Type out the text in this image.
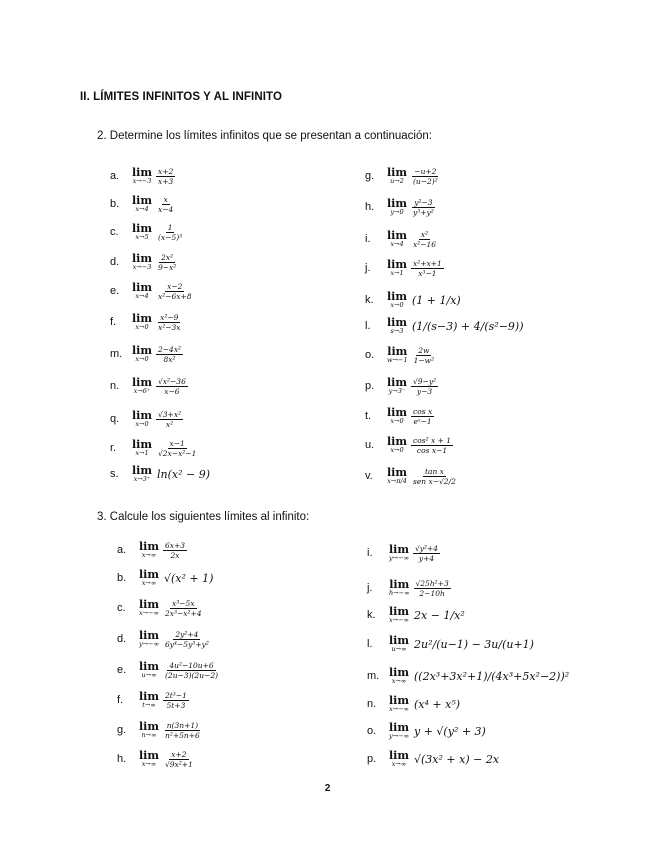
II. LÍMITES INFINITOS Y AL INFINITO
2. Determine los límites infinitos que se presentan a continuación:
a.	lim
$x\to-3 \frac{x+2}{x+3}$
b.	lim
$x\to 4 \frac{x}{x-4}$
c.	lim
$x\to 5 \frac{1}{\text{(x−5)³}}$
d.	lim
$x\to-3 \frac{\text{2x²}}{\text{9−x²}}$
e.	lim
$x\to 4 \frac{x-2}{\text{x²−6x+8}}$
f.	lim
$x\to 0 \frac{\text{x²−9}}{\text{x²−3x}}$
m. lim
$x\to 0 \frac{\text{2−4x²}}{\text{8x²}}$
n.	lim
$x\to 6^+ \frac{\text{√x²−36}}{x-6}$
q.	lim
$x\to 0 \frac{\text{√3+x²}}{\text{x²}}$
r.	lim
$x\to 1 \frac{x-1}{\text{√2x−x²−1}}$
s.	lim
x→3⁺ ln(x² − 9)
g.	lim
$u\to 2 \frac{-u+2}{\text{(u−2)²}}$
h.	lim
$y\to 0 \frac{\text{y²−3}}{\text{y³+y²}}$
i.	lim
$x\to 4 \frac{\text{x²}}{\text{x²−16}}$
j.	lim
$x\to 1 \frac{\text{x²+x+1}}{\text{x³−1}}$
k.	lim
x→0 (1 + 1/x)
l.	lim
s→3 (1/(s−3) + 4/(s²−9))
o.	lim
$w\to-1 \frac{2w}{\text{1−w²}}$
p.	lim
$y\to 3^- \frac{\text{√9−y²}}{y-3}$
t.	lim
$x\to 0 \frac{\text{cos x}}{\text{eˣ−1}}$
u.	lim
$x\to 0 \frac{\text{cos² x + 1}}{\text{cos x−1}}$
v.	lim
$x\to\pi/4 \frac{\text{tan x}}{\text{sen x−√2/2}}$
3. Calcule los siguientes límites al infinito:
a.	lim
$x\to\infty \frac{6x+3}{2x}$
b.	lim
x→∞ √(x² + 1)
c.	lim
$x\to-\infty \frac{\text{x³−5x}}{\text{2x³−x²+4}}$
d.	lim
$y\to-\infty \frac{\text{2y²+4}}{\text{6y⁴−5y³+y²}}$
e.	lim
$u\to\infty \frac{\text{4u²−10u+6}}{(2u-3)(2u-2)}$
f.	lim
$t\to\infty \frac{\text{2t³−1}}{5t+3}$
g.	lim
$n\to\infty \frac{n(3n+1)}{\text{n²+5n+6}}$
h.	lim
$x\to\infty \frac{x+2}{\text{√9x²+1}}$
i.	lim
$y\to-\infty \frac{\text{√y²+4}}{y+4}$
j.	lim
$h\to-\infty \frac{\text{√25h²+3}}{2-10h}$
k.	lim
x→−∞ 2x − 1/x²
l.	lim
u→∞ 2u²/(u−1) − 3u/(u+1)
m. lim
x→∞ ((2x³+3x²+1)/(4x³+5x²−2))²
n.	lim
x→−∞ (x⁴ + x⁵)
o.	lim
y→−∞ y + √(y² + 3)
p.	lim
x→∞ √(3x² + x) − 2x
2
